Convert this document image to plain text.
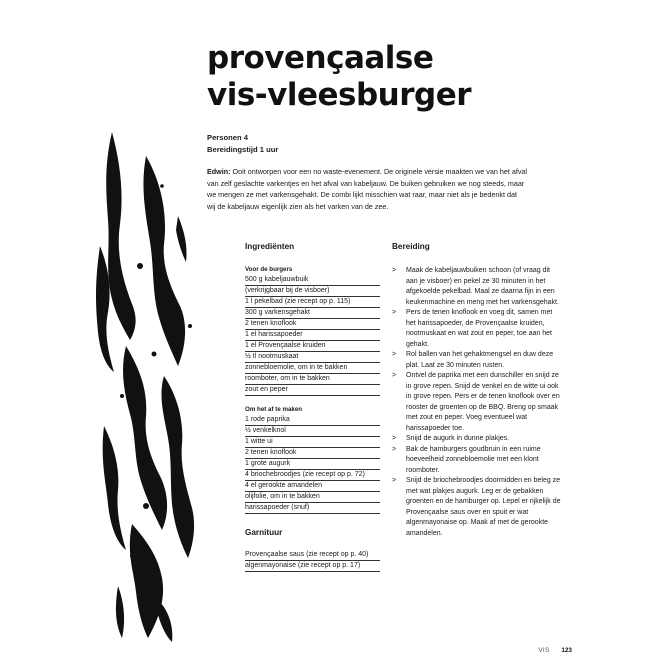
provençaalse
vis-vleesburger
Personen 4
Bereidingstijd 1 uur

Edwin: Ooit ontworpen voor een no waste-evenement. De originele versie maakten we van het afval van zelf geslachte varkentjes en het afval van kabeljauw. De buiken gebruiken we nog steeds, maar we mengen ze met varkensgehakt. De combi lijkt misschien wat raar, maar niet als je bedenkt dat wij de kabeljauw eigenlijk zien als het varken van de zee.

Ingrediënten
Voor de burgers
500 g kabeljauwbuik
(verkrijgbaar bij de visboer)
1 l pekelbad (zie recept op p. 115)
300 g varkensgehakt
2 tenen knoflook
1 el harissapoeder
1 el Provençaalse kruiden
½ tl nootmuskaat
zonnebloemolie, om in te bakken
roomboter, om in te bakken
zout en peper
Om het af te maken
1 rode paprika
½ venkelknol
1 witte ui
2 tenen knoflook
1 grote augurk
4 briochebroodjes (zie recept op p. 72)
4 el gerookte amandelen
olijfolie, om in te bakken
harissapoeder (snuf)
Garnituur
Provençaalse saus (zie recept op p. 40)
algenmayonaise (zie recept op p. 17)
Bereiding
> Maak de kabeljauwbuiken schoon (of vraag dit aan je visboer) en pekel ze 30 minuten in het afgekoelde pekelbad. Maal ze daarna fijn in een keukenmachine en meng met het varkensgehakt.
> Pers de tenen knoflook en voeg dit, samen met het harissapoeder, de Provençaalse kruiden, nootmuskaat en wat zout en peper, toe aan het gehakt.
> Rol ballen van het gehaktmengsel en duw deze plat. Laat ze 30 minuten rusten.
> Ontvel de paprika met een dunschiller en snijd ze in grove repen. Snijd de venkel en de witte ui ook in grove repen. Pers er de tenen knoflook over en rooster de groenten op de BBQ. Breng op smaak met zout en peper. Voeg eventueel wat harissapoeder toe.
> Snijd de augurk in dunne plakjes.
> Bak de hamburgers goudbruin in een ruime hoeveelheid zonnebloemolie met een klont roomboter.
> Snijd de briochebroodjes doormidden en beleg ze met wat plakjes augurk. Leg er de gebakken groenten en de hamburger op. Lepel er rijkelijk de Provençaalse saus over en spuit er wat algenmayonaise op. Maak af met de gerookte amandelen.
VIS 123
